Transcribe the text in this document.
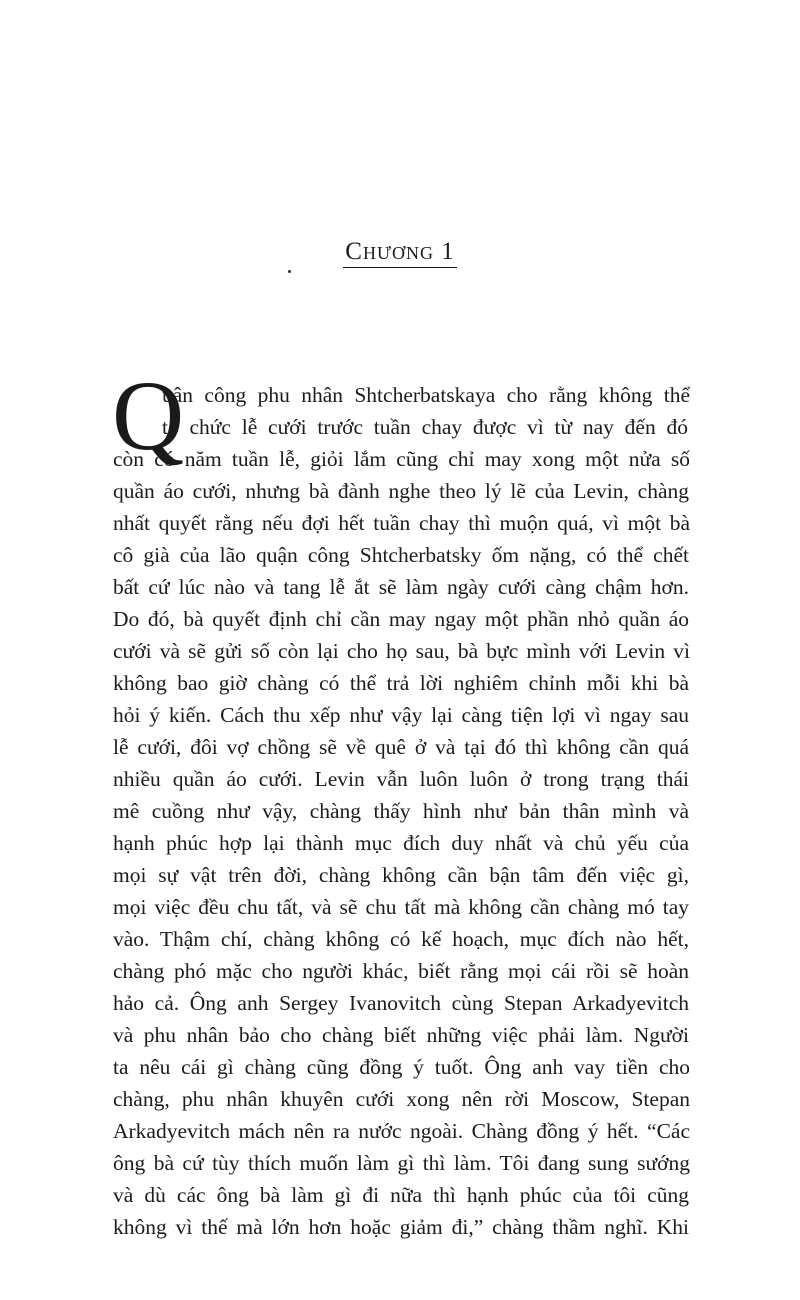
Chương 1
Q
uận công phu nhân Shtcherbatskaya cho rằng không thể
tổ chức lễ cưới trước tuần chay được vì từ nay đến đó
còn có năm tuần lễ, giỏi lắm cũng chỉ may xong một nửa số
quần áo cưới, nhưng bà đành nghe theo lý lẽ của Levin, chàng
nhất quyết rằng nếu đợi hết tuần chay thì muộn quá, vì một bà
cô già của lão quận công Shtcherbatsky ốm nặng, có thể chết
bất cứ lúc nào và tang lễ ắt sẽ làm ngày cưới càng chậm hơn.
Do đó, bà quyết định chỉ cần may ngay một phần nhỏ quần áo
cưới và sẽ gửi số còn lại cho họ sau, bà bực mình với Levin vì
không bao giờ chàng có thể trả lời nghiêm chỉnh mỗi khi bà
hỏi ý kiến. Cách thu xếp như vậy lại càng tiện lợi vì ngay sau
lễ cưới, đôi vợ chồng sẽ về quê ở và tại đó thì không cần quá
nhiều quần áo cưới. Levin vẫn luôn luôn ở trong trạng thái
mê cuồng như vậy, chàng thấy hình như bản thân mình và
hạnh phúc hợp lại thành mục đích duy nhất và chủ yếu của
mọi sự vật trên đời, chàng không cần bận tâm đến việc gì,
mọi việc đều chu tất, và sẽ chu tất mà không cần chàng mó tay
vào. Thậm chí, chàng không có kế hoạch, mục đích nào hết,
chàng phó mặc cho người khác, biết rằng mọi cái rồi sẽ hoàn
hảo cả. Ông anh Sergey Ivanovitch cùng Stepan Arkadyevitch
và phu nhân bảo cho chàng biết những việc phải làm. Người
ta nêu cái gì chàng cũng đồng ý tuốt. Ông anh vay tiền cho
chàng, phu nhân khuyên cưới xong nên rời Moscow, Stepan
Arkadyevitch mách nên ra nước ngoài. Chàng đồng ý hết. “Các
ông bà cứ tùy thích muốn làm gì thì làm. Tôi đang sung sướng
và dù các ông bà làm gì đi nữa thì hạnh phúc của tôi cũng
không vì thế mà lớn hơn hoặc giảm đi,” chàng thầm nghĩ. Khi
